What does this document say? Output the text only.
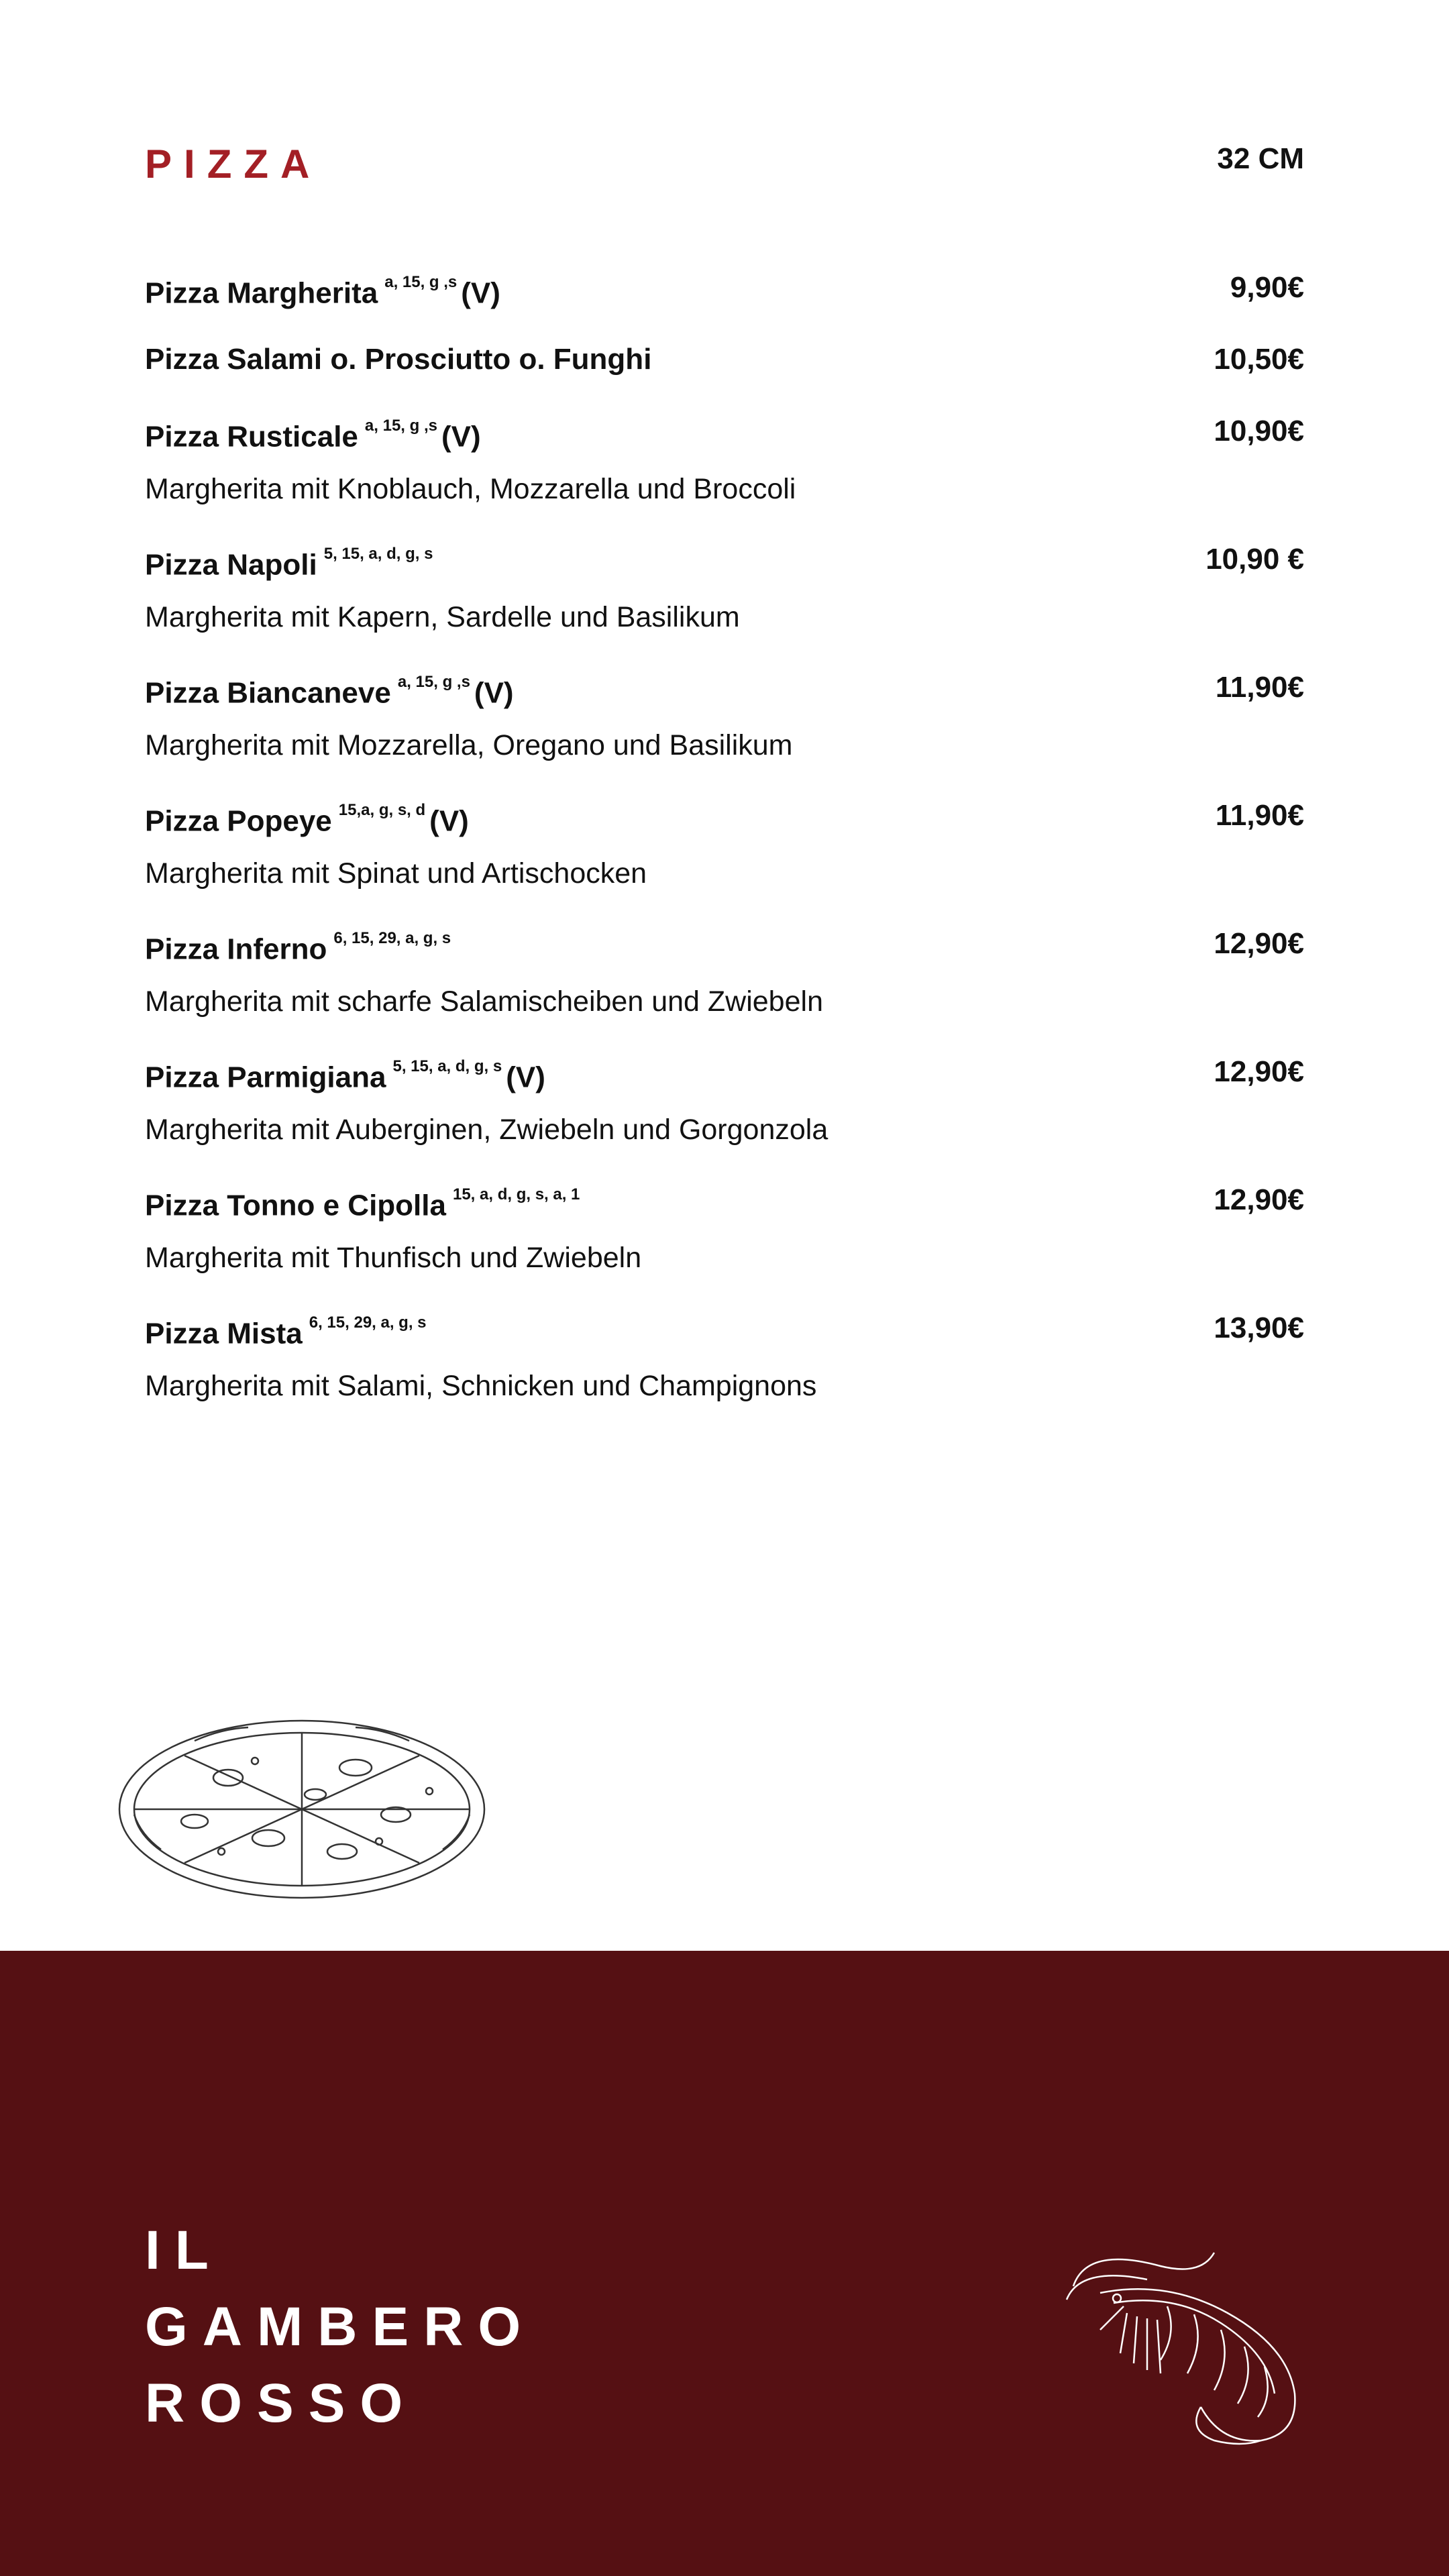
PIZZA	32 CM
Pizza Margherita $^{a, 15, g ,s}$ (V)	9,90€
Pizza Salami o. Prosciutto o. Funghi	10,50€
Pizza Rusticale $^{a, 15, g ,s}$ (V)	10,90€
Margherita mit Knoblauch, Mozzarella und Broccoli
Pizza Napoli $^{5, 15, a, d, g, s}$	10,90 €
Margherita mit Kapern, Sardelle und Basilikum
Pizza Biancaneve $^{a, 15, g ,s}$ (V)	11,90€
Margherita mit Mozzarella, Oregano und Basilikum
Pizza Popeye $^{15,a, g, s, d}$ (V)	11,90€
Margherita mit Spinat und Artischocken
Pizza Inferno $^{6, 15, 29, a, g, s}$	12,90€
Margherita mit scharfe Salamischeiben und Zwiebeln
Pizza Parmigiana $^{5, 15, a, d, g, s}$ (V)	12,90€
Margherita mit Auberginen, Zwiebeln und Gorgonzola
Pizza Tonno e Cipolla $^{15, a, d, g, s, a, 1}$	12,90€
Margherita mit Thunfisch und Zwiebeln
Pizza Mista $^{6, 15, 29, a, g, s}$	13,90€
Margherita mit Salami, Schnicken und Champignons
IL
GAMBERO
ROSSO
